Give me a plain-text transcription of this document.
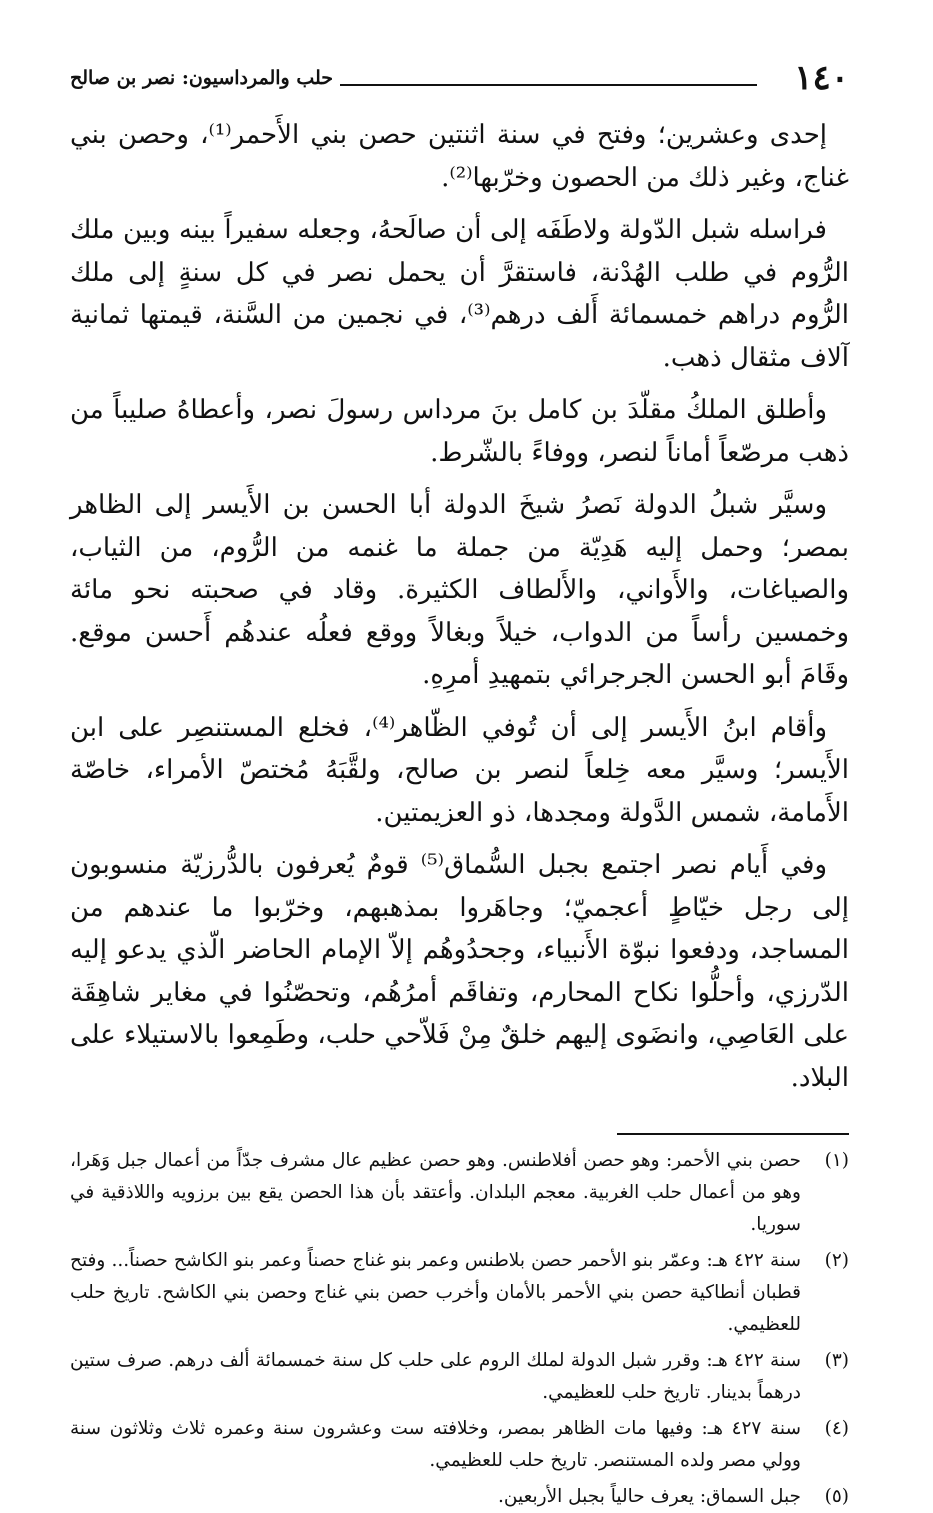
١٤٠
حلب والمرداسيون: نصر بن صالح

إحدى وعشرين؛ وفتح في سنة اثنتين حصن بني الأَحمر⁽¹⁾، وحصن بني غناج، وغير ذلك من الحصون وخرّبها⁽²⁾.

فراسله شبل الدّولة ولاطَفَه إلى أن صالَحهُ، وجعله سفيراً بينه وبين ملك الرُّوم في طلب الهُدْنة، فاستقرَّ أن يحمل نصر في كل سنةٍ إلى ملك الرُّوم دراهم خمسمائة أَلف درهم⁽³⁾، في نجمين من السَّنة، قيمتها ثمانية آلاف مثقال ذهب.

وأطلق الملكُ مقلّدَ بن كامل بنَ مرداس رسولَ نصر، وأعطاهُ صليباً من ذهب مرصّعاً أماناً لنصر، ووفاءً بالشّرط.

وسيَّر شبلُ الدولة نَصرُ شيخَ الدولة أبا الحسن بن الأَيسر إلى الظاهر بمصر؛ وحمل إليه هَدِيّة من جملة ما غنمه من الرُّوم، من الثياب، والصياغات، والأَواني، والأَلطاف الكثيرة. وقاد في صحبته نحو مائة وخمسين رأساً من الدواب، خيلاً وبغالاً ووقع فعلُه عندهُم أَحسن موقع. وقَامَ أبو الحسن الجرجرائي بتمهيدِ أمرِهِ.

وأقام ابنُ الأَيسر إلى أن تُوفي الظّاهر⁽⁴⁾، فخلع المستنصِر على ابن الأَيسر؛ وسيَّر معه خِلعاً لنصر بن صالح، ولقَّبَهُ مُختصّ الأمراء، خاصّة الأَمامة، شمس الدَّولة ومجدها، ذو العزيمتين.

وفي أَيام نصر اجتمع بجبل السُّماق⁽⁵⁾ قومٌ يُعرفون بالدُّرزيّة منسوبون إلى رجل خيّاطٍ أعجميّ؛ وجاهَروا بمذهبهم، وخرّبوا ما عندهم من المساجد، ودفعوا نبوّة الأَنبياء، وجحدُوهُم إلاّ الإمام الحاضر الّذي يدعو إليه الدّرزي، وأحلُّوا نكاح المحارم، وتفاقَم أمرُهُم، وتحصّنُوا في مغاير شاهِقَة على العَاصِي، وانضَوى إليهم خلقٌ مِنْ فَلاّحي حلب، وطَمِعوا بالاستيلاء على البلاد.

(١)
حصن بني الأحمر: وهو حصن أفلاطنس. وهو حصن عظيم عال مشرف جدّاً من أعمال جبل وَهَرا، وهو من أعمال حلب الغربية. معجم البلدان. وأعتقد بأن هذا الحصن يقع بين برزويه واللاذقية في سوريا.
(٢)
سنة ٤٢٢ هـ: وعمّر بنو الأحمر حصن بلاطنس وعمر بنو غناج حصناً وعمر بنو الكاشح حصناً... وفتح قطبان أنطاكية حصن بني الأحمر بالأمان وأخرب حصن بني غناج وحصن بني الكاشح. تاريخ حلب للعظيمي.
(٣)
سنة ٤٢٢ هـ: وقرر شبل الدولة لملك الروم على حلب كل سنة خمسمائة ألف درهم. صرف ستين درهماً بدينار. تاريخ حلب للعظيمي.
(٤)
سنة ٤٢٧ هـ: وفيها مات الظاهر بمصر، وخلافته ست وعشرون سنة وعمره ثلاث وثلاثون سنة وولي مصر ولده المستنصر. تاريخ حلب للعظيمي.
(٥)
جبل السماق: يعرف حالياً بجبل الأربعين.
